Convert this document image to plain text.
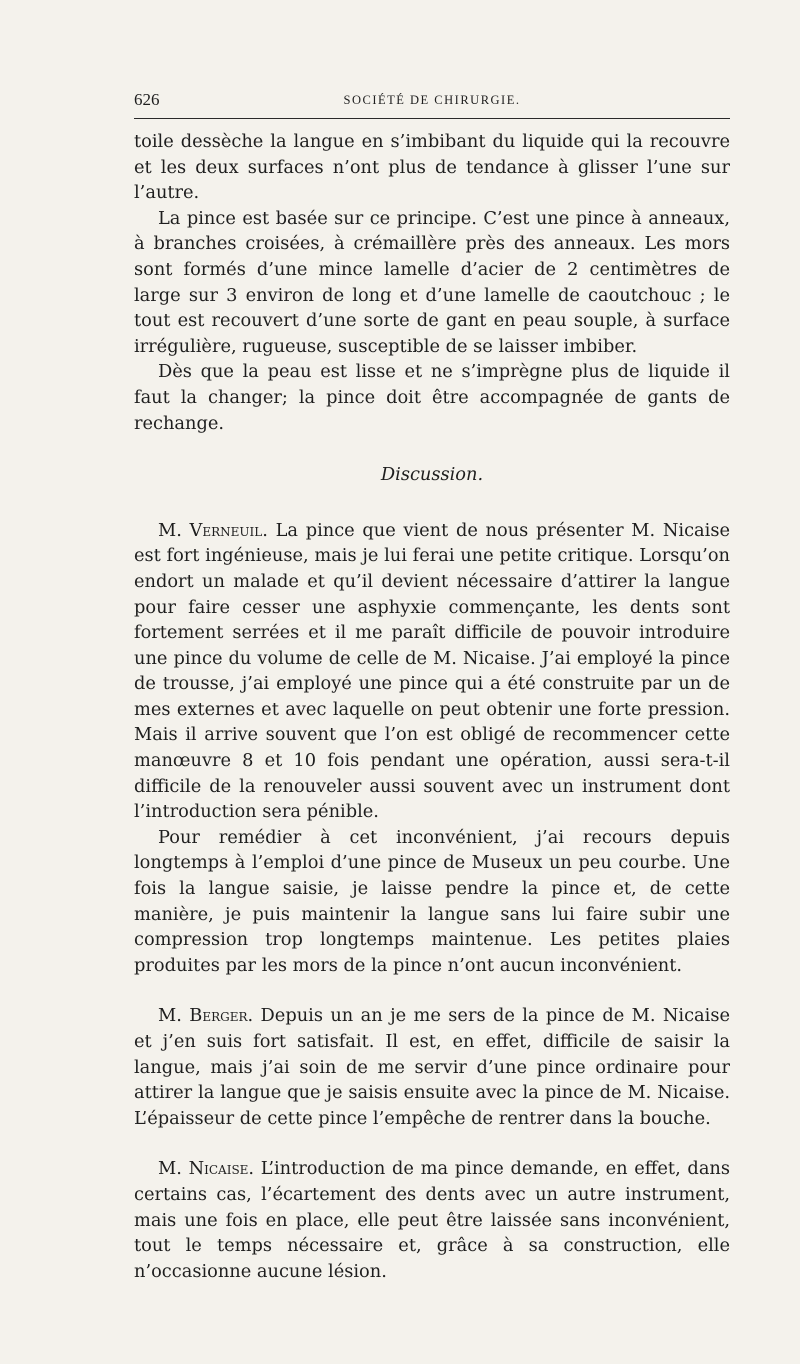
626	SOCIÉTÉ DE CHIRURGIE.

toile dessèche la langue en s’imbibant du liquide qui la recouvre et les deux surfaces n’ont plus de tendance à glisser l’une sur l’autre.

La pince est basée sur ce principe. C’est une pince à anneaux, à branches croisées, à crémaillère près des anneaux. Les mors sont formés d’une mince lamelle d’acier de 2 centimètres de large sur 3 environ de long et d’une lamelle de caoutchouc ; le tout est recouvert d’une sorte de gant en peau souple, à surface irrégulière, rugueuse, susceptible de se laisser imbiber.

Dès que la peau est lisse et ne s’imprègne plus de liquide il faut la changer; la pince doit être accompagnée de gants de rechange.

Discussion.

M. Verneuil. La pince que vient de nous présenter M. Nicaise est fort ingénieuse, mais je lui ferai une petite critique. Lorsqu’on endort un malade et qu’il devient nécessaire d’attirer la langue pour faire cesser une asphyxie commençante, les dents sont fortement serrées et il me paraît difficile de pouvoir introduire une pince du volume de celle de M. Nicaise. J’ai employé la pince de trousse, j’ai employé une pince qui a été construite par un de mes externes et avec laquelle on peut obtenir une forte pression. Mais il arrive souvent que l’on est obligé de recommencer cette manœuvre 8 et 10 fois pendant une opération, aussi sera-t-il difficile de la renouveler aussi souvent avec un instrument dont l’introduction sera pénible.

Pour remédier à cet inconvénient, j’ai recours depuis longtemps à l’emploi d’une pince de Museux un peu courbe. Une fois la langue saisie, je laisse pendre la pince et, de cette manière, je puis maintenir la langue sans lui faire subir une compression trop longtemps maintenue. Les petites plaies produites par les mors de la pince n’ont aucun inconvénient.

M. Berger. Depuis un an je me sers de la pince de M. Nicaise et j’en suis fort satisfait. Il est, en effet, difficile de saisir la langue, mais j’ai soin de me servir d’une pince ordinaire pour attirer la langue que je saisis ensuite avec la pince de M. Nicaise. L’épaisseur de cette pince l’empêche de rentrer dans la bouche.

M. Nicaise. L’introduction de ma pince demande, en effet, dans certains cas, l’écartement des dents avec un autre instrument, mais une fois en place, elle peut être laissée sans inconvénient, tout le temps nécessaire et, grâce à sa construction, elle n’occasionne aucune lésion.
